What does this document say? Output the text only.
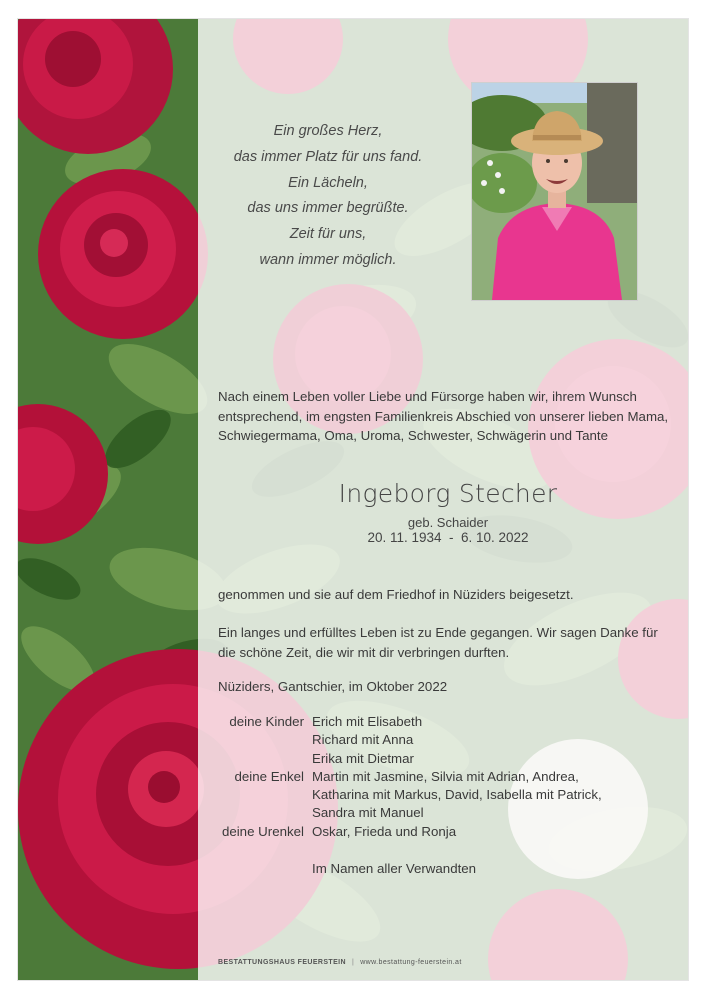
Ein großes Herz,
das immer Platz für uns fand.
Ein Lächeln,
das uns immer begrüßte.
Zeit für uns,
wann immer möglich.
Nach einem Leben voller Liebe und Fürsorge haben wir, ihrem Wunsch entsprechend, im engsten Familienkreis Abschied von unserer lieben Mama, Schwiegermama, Oma, Uroma, Schwester, Schwägerin und Tante
Ingeborg Stecher
geb. Schaider
20. 11. 1934  -  6. 10. 2022
genommen und sie auf dem Friedhof in Nüziders beigesetzt.
Ein langes und erfülltes Leben ist zu Ende gegangen. Wir sagen Danke für die schöne Zeit, die wir mit dir verbringen durften.
Nüziders, Gantschier, im Oktober 2022
deine Kinder Erich mit Elisabeth
Richard mit Anna
Erika mit Dietmar
deine Enkel Martin mit Jasmine, Silvia mit Adrian, Andrea,
Katharina mit Markus, David, Isabella mit Patrick,
Sandra mit Manuel
deine Urenkel Oskar, Frieda und Ronja
Im Namen aller Verwandten
BESTATTUNGSHAUS FEUERSTEIN | www.bestattung-feuerstein.at
